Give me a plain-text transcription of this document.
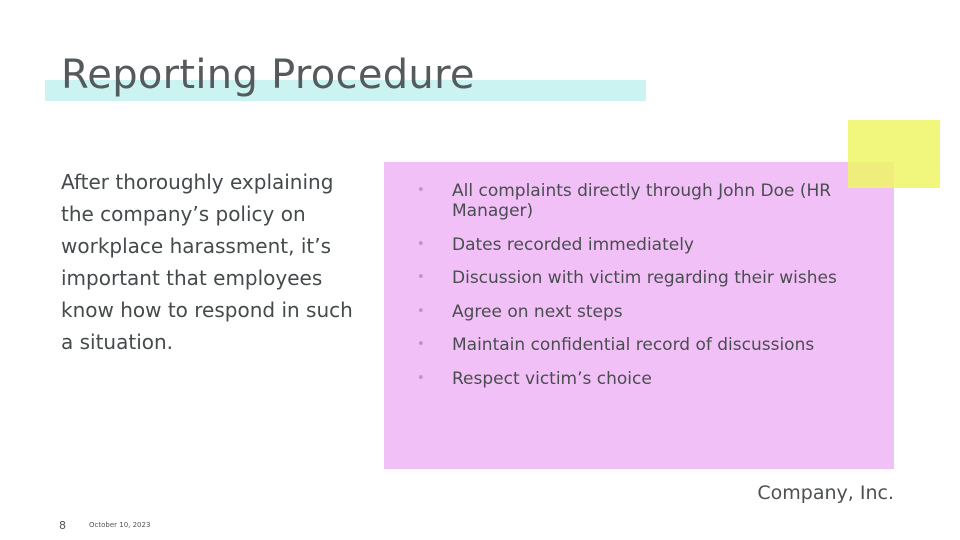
Reporting Procedure
After thoroughly explaining the company’s policy on workplace harassment, it’s important that employees know how to respond in such a situation.
• All complaints directly through John Doe (HR Manager)
• Dates recorded immediately
• Discussion with victim regarding their wishes
• Agree on next steps
• Maintain confidential record of discussions
• Respect victim’s choice
Company, Inc.
8	October 10, 2023
